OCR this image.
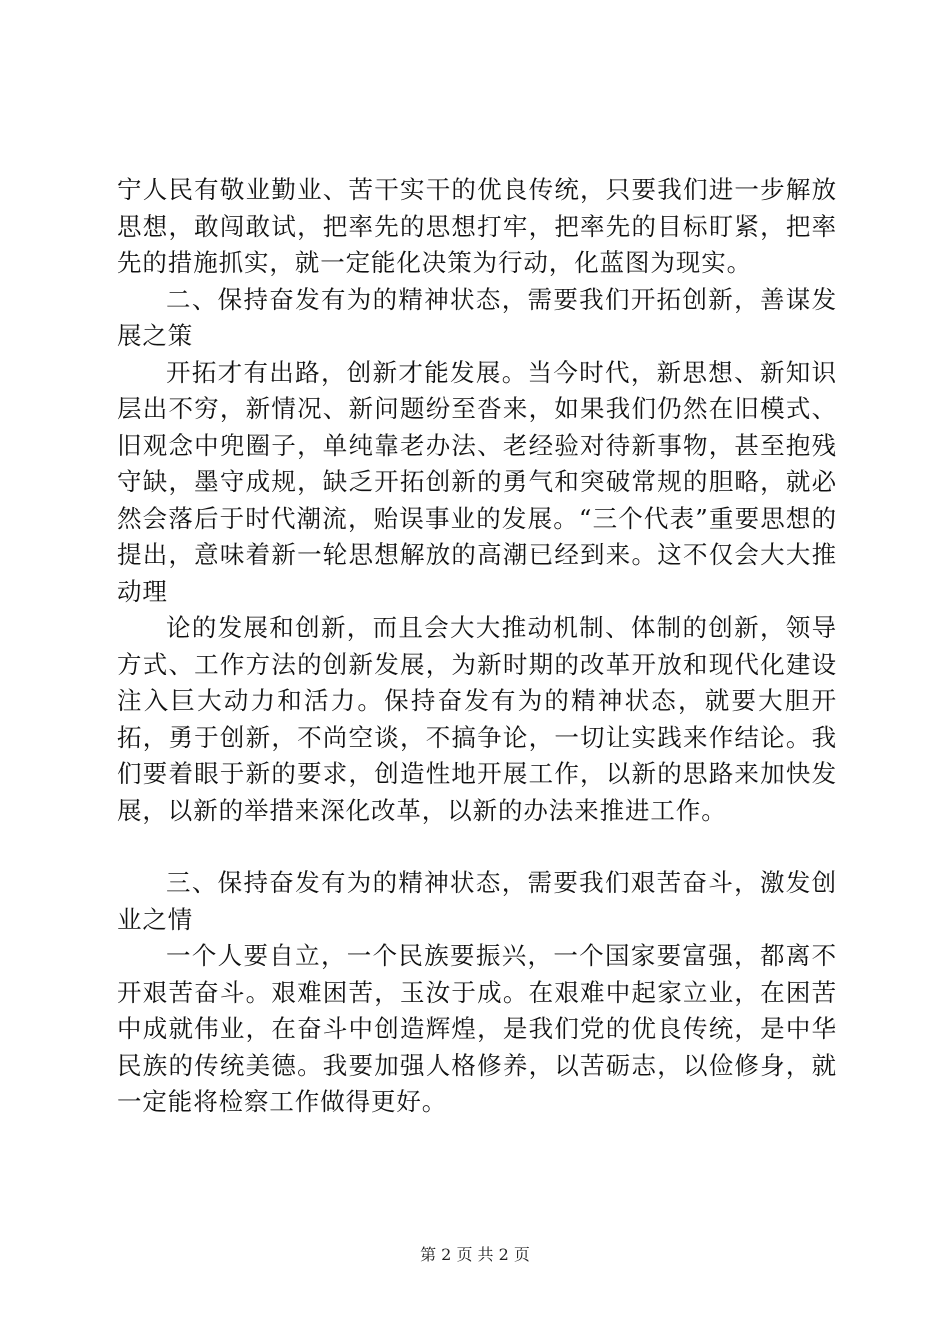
宁人民有敬业勤业、苦干实干的优良传统，只要我们进一步解放思想，敢闯敢试，把率先的思想打牢，把率先的目标盯紧，把率先的措施抓实，就一定能化决策为行动，化蓝图为现实。

二、保持奋发有为的精神状态，需要我们开拓创新，善谋发展之策

开拓才有出路，创新才能发展。当今时代，新思想、新知识层出不穷，新情况、新问题纷至沓来，如果我们仍然在旧模式、旧观念中兜圈子，单纯靠老办法、老经验对待新事物，甚至抱残守缺，墨守成规，缺乏开拓创新的勇气和突破常规的胆略，就必然会落后于时代潮流，贻误事业的发展。“三个代表”重要思想的提出，意味着新一轮思想解放的高潮已经到来。这不仅会大大推动理

论的发展和创新，而且会大大推动机制、体制的创新，领导方式、工作方法的创新发展，为新时期的改革开放和现代化建设注入巨大动力和活力。保持奋发有为的精神状态，就要大胆开拓，勇于创新，不尚空谈，不搞争论，一切让实践来作结论。我们要着眼于新的要求，创造性地开展工作，以新的思路来加快发展，以新的举措来深化改革，以新的办法来推进工作。

三、保持奋发有为的精神状态，需要我们艰苦奋斗，激发创业之情

一个人要自立，一个民族要振兴，一个国家要富强，都离不开艰苦奋斗。艰难困苦，玉汝于成。在艰难中起家立业，在困苦中成就伟业，在奋斗中创造辉煌，是我们党的优良传统，是中华民族的传统美德。我要加强人格修养，以苦砺志，以俭修身，就一定能将检察工作做得更好。

第 2 页 共 2 页
